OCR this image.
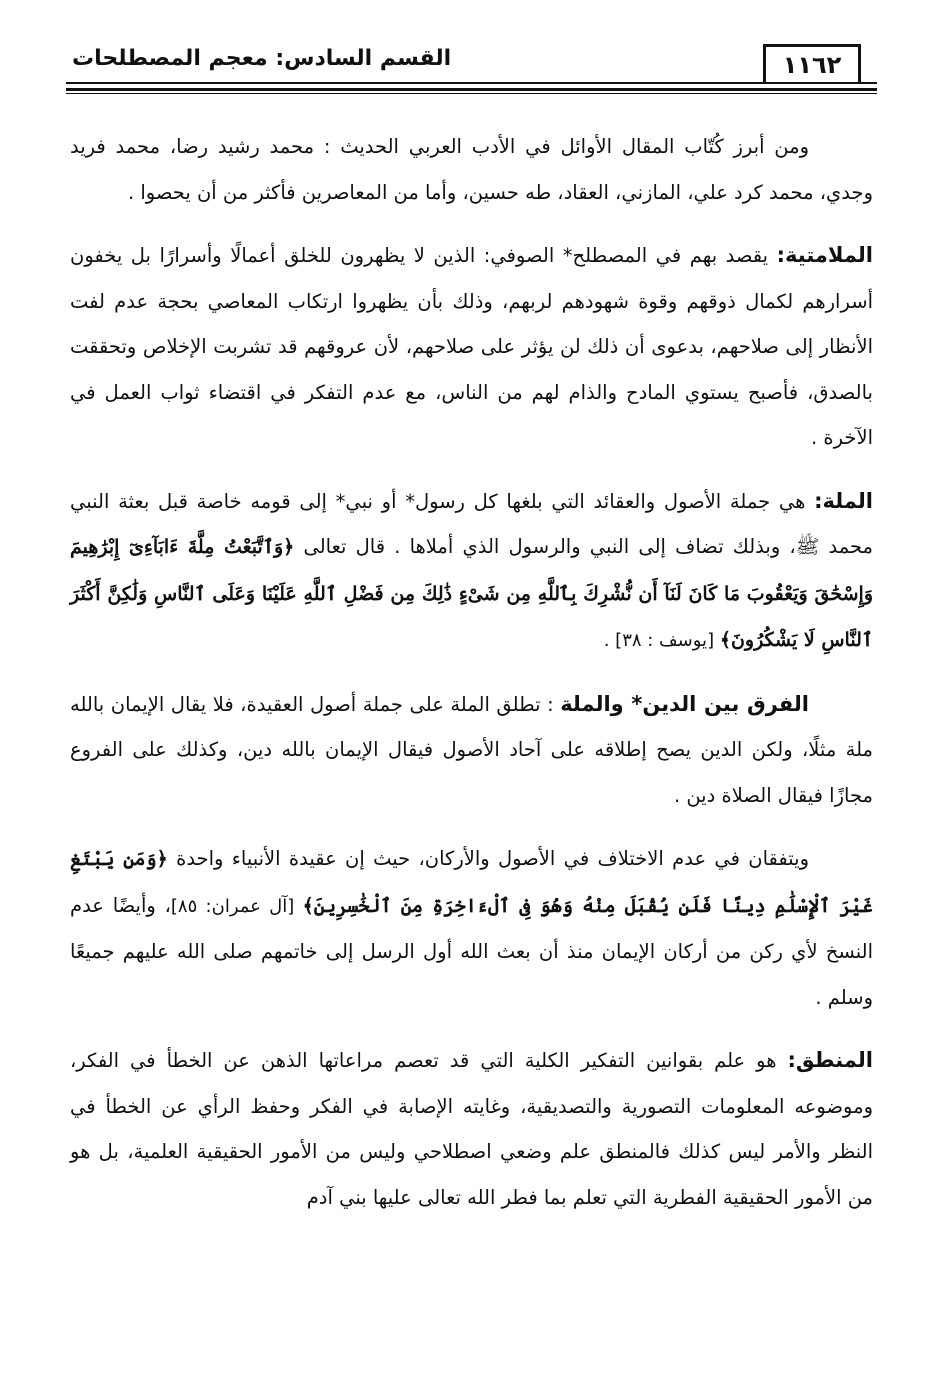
١١٦٢
القسم السادس: معجم المصطلحات

ومن أبرز كُتّاب المقال الأوائل في الأدب العربي الحديث : محمد رشيد رضا، محمد فريد وجدي، محمد كرد علي، المازني، العقاد، طه حسين، وأما من المعاصرين فأكثر من أن يحصوا .

الملامتية: يقصد بهم في المصطلح* الصوفي: الذين لا يظهرون للخلق أعمالًا وأسرارًا بل يخفون أسرارهم لكمال ذوقهم وقوة شهودهم لربهم، وذلك بأن يظهروا ارتكاب المعاصي بحجة عدم لفت الأنظار إلى صلاحهم، بدعوى أن ذلك لن يؤثر على صلاحهم، لأن عروقهم قد تشربت الإخلاص وتحققت بالصدق، فأصبح يستوي المادح والذام لهم من الناس، مع عدم التفكر في اقتضاء ثواب العمل في الآخرة .

الملة: هي جملة الأصول والعقائد التي بلغها كل رسول* أو نبي* إلى قومه خاصة قبل بعثة النبي محمد ﷺ، وبذلك تضاف إلى النبي والرسول الذي أملاها . قال تعالى ﴿وَٱتَّبَعْتُ مِلَّةَ ءَابَآءِىٓ إِبْرَٰهِيمَ وَإِسْحَٰقَ وَيَعْقُوبَ مَا كَانَ لَنَآ أَن نُّشْرِكَ بِٱللَّهِ مِن شَىْءٍ ذَٰلِكَ مِن فَضْلِ ٱللَّهِ عَلَيْنَا وَعَلَى ٱلنَّاسِ وَلَٰكِنَّ أَكْثَرَ ٱلنَّاسِ لَا يَشْكُرُونَ﴾ [يوسف : ٣٨] .

الفرق بين الدين* والملة : تطلق الملة على جملة أصول العقيدة، فلا يقال الإيمان بالله ملة مثلًا، ولكن الدين يصح إطلاقه على آحاد الأصول فيقال الإيمان بالله دين، وكذلك على الفروع مجازًا فيقال الصلاة دين .

ويتفقان في عدم الاختلاف في الأصول والأركان، حيث إن عقيدة الأنبياء واحدة ﴿وَمَن يَبْتَغِ غَيْرَ ٱلْإِسْلَٰمِ دِينًا فَلَن يُقْبَلَ مِنْهُ وَهُوَ فِى ٱلْءَاخِرَةِ مِنَ ٱلْخَٰسِرِينَ﴾ [آل عمران: ٨٥]، وأيضًا عدم النسخ لأي ركن من أركان الإيمان منذ أن بعث الله أول الرسل إلى خاتمهم صلى الله عليهم جميعًا وسلم .

المنطق: هو علم بقوانين التفكير الكلية التي قد تعصم مراعاتها الذهن عن الخطأ في الفكر، وموضوعه المعلومات التصورية والتصديقية، وغايته الإصابة في الفكر وحفظ الرأي عن الخطأ في النظر والأمر ليس كذلك فالمنطق علم وضعي اصطلاحي وليس من الأمور الحقيقية العلمية، بل هو من الأمور الحقيقية الفطرية التي تعلم بما فطر الله تعالى عليها بني آدم
